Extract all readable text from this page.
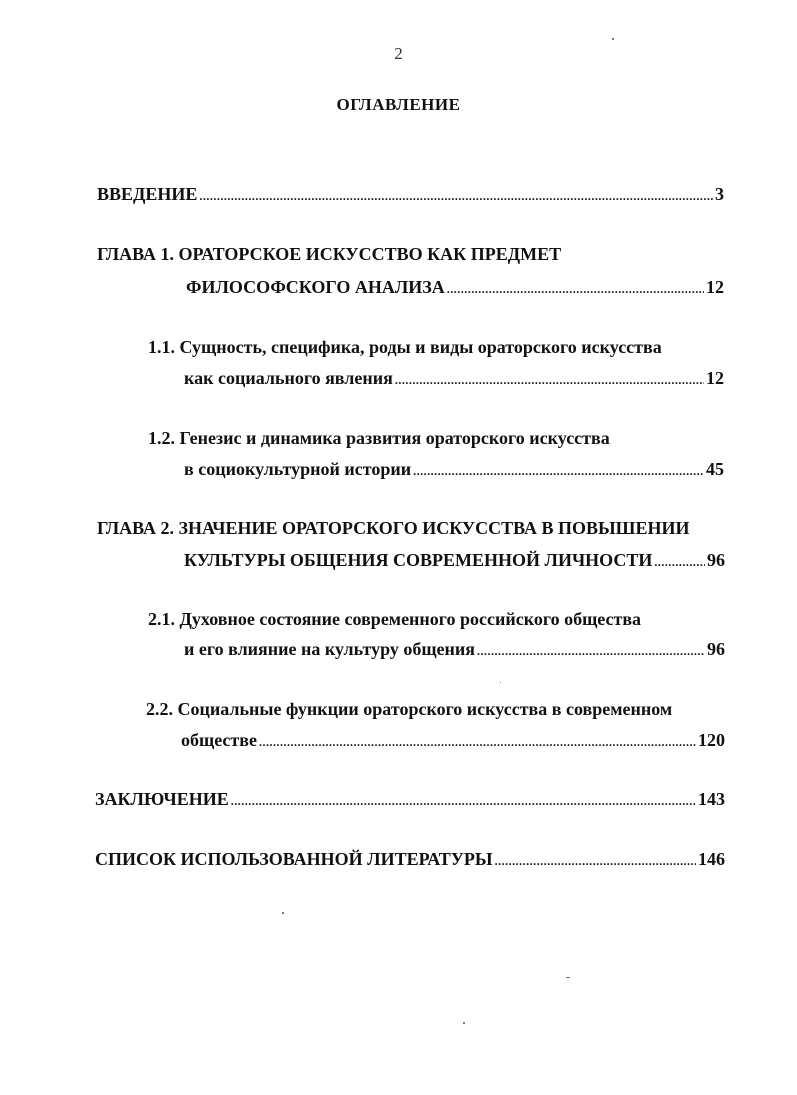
2
ОГЛАВЛЕНИЕ
ВВЕДЕНИЕ .....	3
ГЛАВА 1. ОРАТОРСКОЕ ИСКУССТВО КАК ПРЕДМЕТ
ФИЛОСОФСКОГО АНАЛИЗА .....	12
1.1. Сущность, специфика, роды и виды ораторского искусства
как социального явления .....	12
1.2. Генезис и динамика развития ораторского искусства
в социокультурной истории .....	45
ГЛАВА 2. ЗНАЧЕНИЕ ОРАТОРСКОГО ИСКУССТВА В ПОВЫШЕНИИ
КУЛЬТУРЫ ОБЩЕНИЯ СОВРЕМЕННОЙ ЛИЧНОСТИ .....	96
2.1. Духовное состояние современного российского общества
и его влияние на культуру общения .....	96
2.2. Социальные функции ораторского искусства в современном
обществе .....	120
ЗАКЛЮЧЕНИЕ .....	143
СПИСОК ИСПОЛЬЗОВАННОЙ ЛИТЕРАТУРЫ .....	146
